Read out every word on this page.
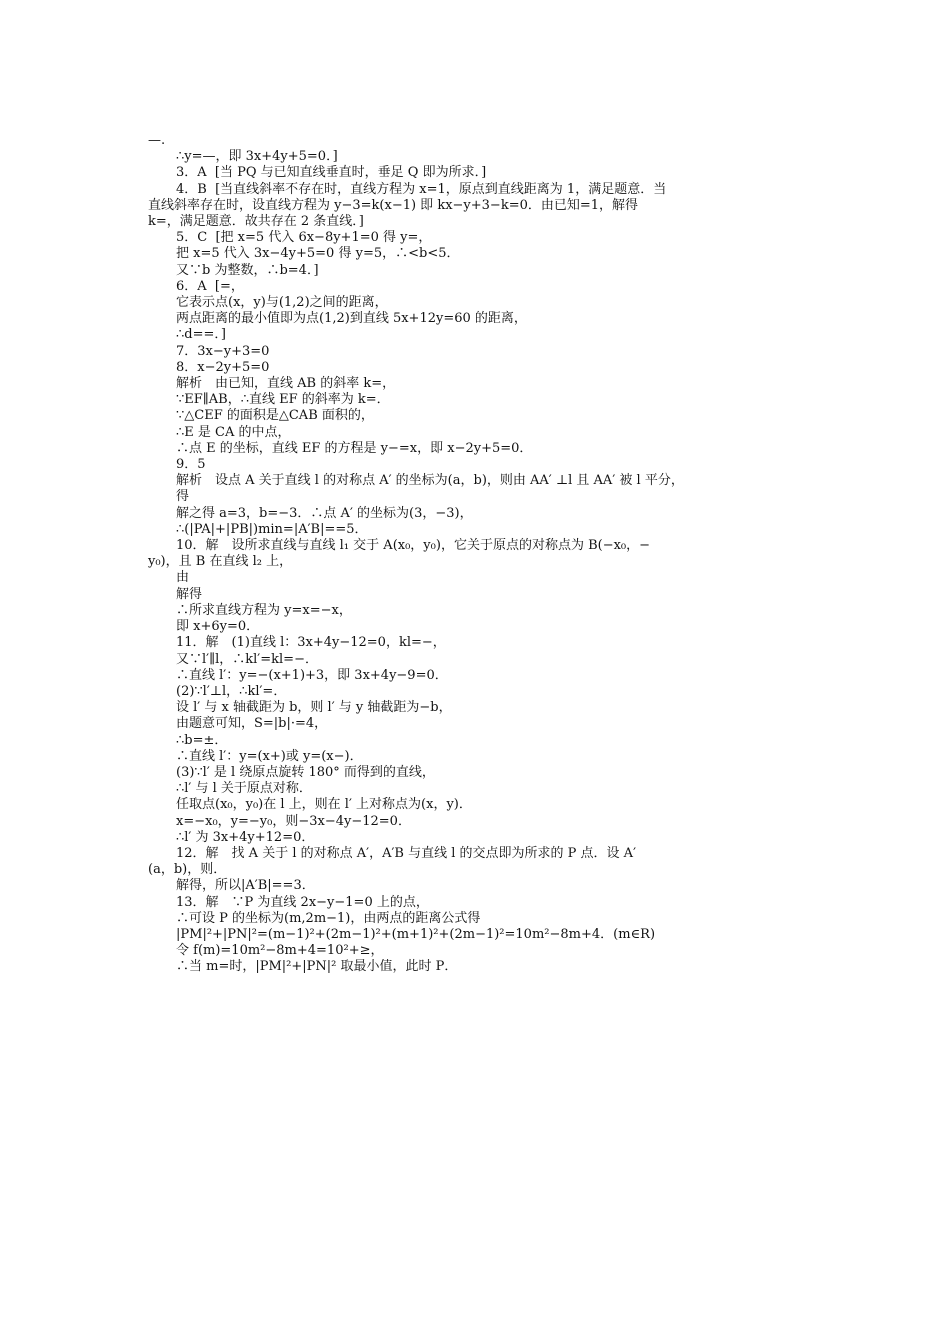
—.
∴y=—，即 3x+4y+5=0．]
3．A  [当 PQ 与已知直线垂直时，垂足 Q 即为所求．]
4．B  [当直线斜率不存在时，直线方程为 x=1，原点到直线距离为 1，满足题意．当
直线斜率存在时，设直线方程为 y−3=k(x−1) 即 kx−y+3−k=0．由已知=1，解得
k=，满足题意．故共存在 2 条直线．]
5．C  [把 x=5 代入 6x−8y+1=0 得 y=，
把 x=5 代入 3x−4y+5=0 得 y=5，∴<b<5．
又∵b 为整数，∴b=4．]
6．A  [=，
它表示点(x，y)与(1,2)之间的距离，
两点距离的最小值即为点(1,2)到直线 5x+12y=60 的距离，
∴d==．]
7．3x−y+3=0
8．x−2y+5=0
解析　由已知，直线 AB 的斜率 k=，
∵EF∥AB，∴直线 EF 的斜率为 k=．
∵△CEF 的面积是△CAB 面积的，
∴E 是 CA 的中点，
∴点 E 的坐标，直线 EF 的方程是 y−=x，即 x−2y+5=0．
9．5
解析　设点 A 关于直线 l 的对称点 A′ 的坐标为(a，b)，则由 AA′ ⊥l 且 AA′ 被 l 平分，
得
解之得 a=3，b=−3．∴点 A′ 的坐标为(3，−3)，
∴(|PA|+|PB|)min=|A′B|==5．
10．解　设所求直线与直线 l₁ 交于 A(x₀，y₀)，它关于原点的对称点为 B(−x₀，−
y₀)，且 B 在直线 l₂ 上，
由
解得
∴所求直线方程为 y=x=−x，
即 x+6y=0．
11．解　(1)直线 l：3x+4y−12=0，kl=−，
又∵l′∥l，∴kl′=kl=−．
∴直线 l′：y=−(x+1)+3，即 3x+4y−9=0．
(2)∵l′⊥l，∴kl′=．
设 l′ 与 x 轴截距为 b，则 l′ 与 y 轴截距为−b，
由题意可知，S=|b|·=4，
∴b=±．
∴直线 l′：y=(x+)或 y=(x−)．
(3)∵l′ 是 l 绕原点旋转 180° 而得到的直线，
∴l′ 与 l 关于原点对称．
任取点(x₀，y₀)在 l 上，则在 l′ 上对称点为(x，y)．
x=−x₀，y=−y₀，则−3x−4y−12=0．
∴l′ 为 3x+4y+12=0．
12．解　找 A 关于 l 的对称点 A′，A′B 与直线 l 的交点即为所求的 P 点．设 A′
(a，b)，则．
解得，所以|A′B|==3．
13．解　∵P 为直线 2x−y−1=0 上的点，
∴可设 P 的坐标为(m,2m−1)，由两点的距离公式得
|PM|²+|PN|²=(m−1)²+(2m−1)²+(m+1)²+(2m−1)²=10m²−8m+4．(m∈R)
令 f(m)=10m²−8m+4=10²+≥，
∴当 m=时，|PM|²+|PN|² 取最小值，此时 P．
